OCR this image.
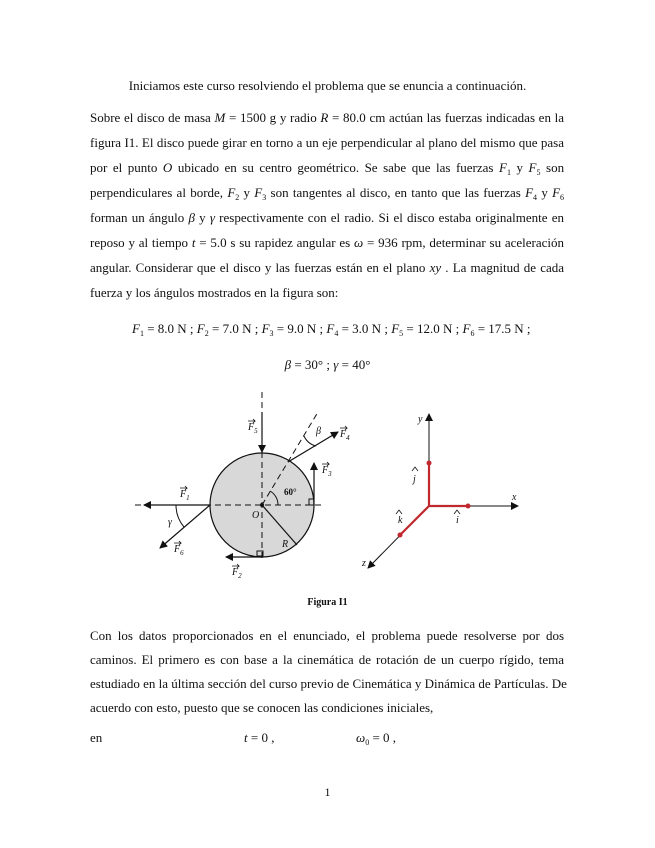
Iniciamos este curso resolviendo el problema que se enuncia a continuación.
Sobre el disco de masa M = 1500 g y radio R = 80.0 cm actúan las fuerzas indicadas en la
figura I1. El disco puede girar en torno a un eje perpendicular al plano del mismo que pasa
por el punto O ubicado en su centro geométrico. Se sabe que las fuerzas $F_1$ y $F_5$ son
perpendiculares al borde, $F_2$ y $F_3$ son tangentes al disco, en tanto que las fuerzas $F_4$ y $F_6$
forman un ángulo β y γ respectivamente con el radio. Si el disco estaba originalmente en
reposo y al tiempo t = 5.0 s su rapidez angular es ω = 936 rpm, determinar su aceleración
angular. Considerar que el disco y las fuerzas están en el plano xy . La magnitud de cada
fuerza y los ángulos mostrados en la figura son:
$F_1 = 8.0$ N ; $F_2 = 7.0$ N ; $F_3 = 9.0$ N ; $F_4 = 3.0$ N ; $F_5 = 12.0$ N ; $F_6 = 17.5$ N ;
β = 30° ; γ = 40°
$F_5$	$F_4$
$F_3$
$F_1$
$F_6$
$F_2$
β
γ
O
R
60°
y
x
z
j
i
k
Figura I1
Con los datos proporcionados en el enunciado, el problema puede resolverse por dos
caminos. El primero es con base a la cinemática de rotación de un cuerpo rígido, tema
estudiado en la última sección del curso previo de Cinemática y Dinámica de Partículas. De
acuerdo con esto, puesto que se conocen las condiciones iniciales,
en	t = 0 ,	$\omega_0 = 0$ ,
1
